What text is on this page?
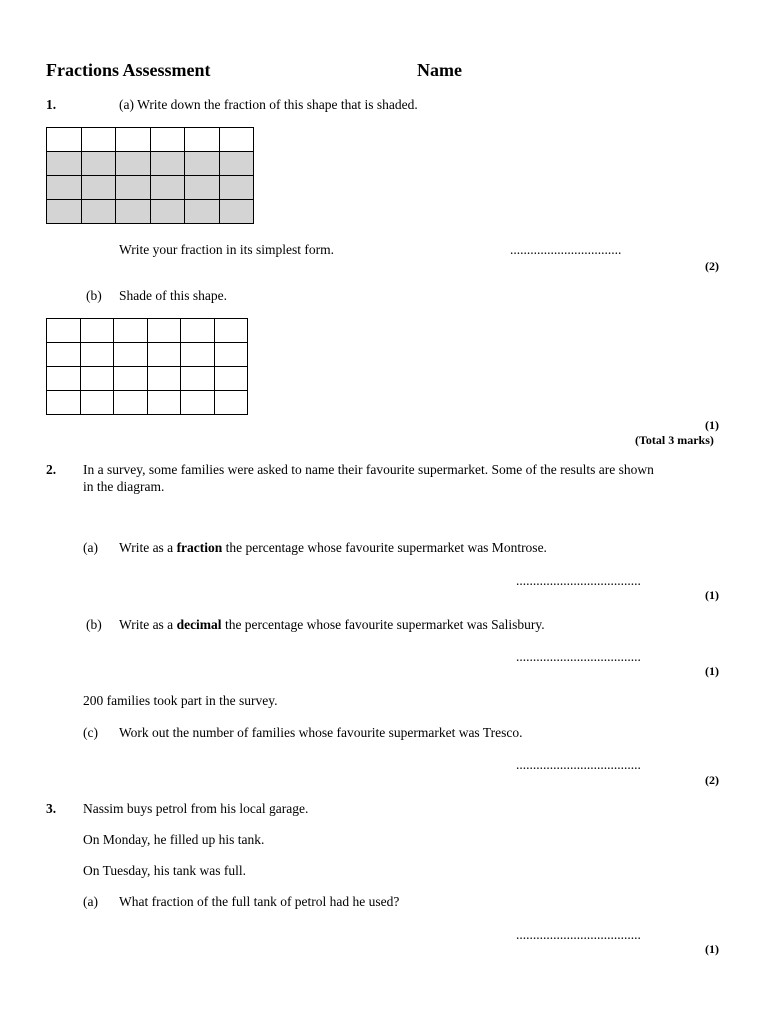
Fractions Assessment	Name
1.	(a) Write down the fraction of this shape that is shaded.

Write your fraction in its simplest form.	.................................
(2)
(b) Shade of this shape.

(1)
(Total 3 marks)
2. In a survey, some families were asked to name their favourite supermarket. Some of the results are shown
in the diagram.
(a) Write as a fraction the percentage whose favourite supermarket was Montrose.
.....................................
(1)
(b) Write as a decimal the percentage whose favourite supermarket was Salisbury.
.....................................
(1)
200 families took part in the survey.
(c) Work out the number of families whose favourite supermarket was Tresco.
.....................................
(2)
3. Nassim buys petrol from his local garage.
On Monday, he filled up his tank.
On Tuesday, his tank was full.
(a) What fraction of the full tank of petrol had he used?
.....................................
(1)
